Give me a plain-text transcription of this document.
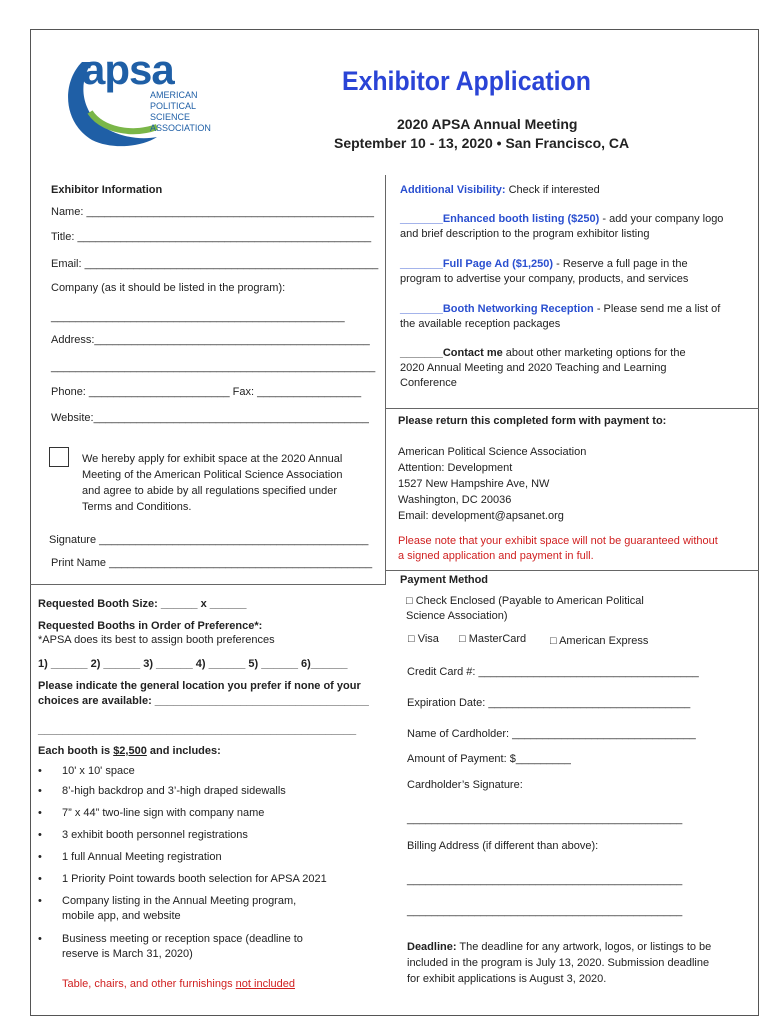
apsa
AMERICAN
POLITICAL
SCIENCE
ASSOCIATION
Exhibitor Application
2020 APSA Annual Meeting
September 10 - 13, 2020 • San Francisco, CA
Exhibitor Information
Name: _______________________________________________
Title: ________________________________________________
Email: ________________________________________________
Company (as it should be listed in the program):
________________________________________________
Address:_____________________________________________
_____________________________________________________
Phone: _______________________ Fax: _________________
Website:_____________________________________________
We hereby apply for exhibit space at the 2020 Annual Meeting of the American Political Science Association and agree to abide by all regulations specified under Terms and Conditions.
Signature ____________________________________________
Print Name ___________________________________________
Requested Booth Size: ______ x ______
Requested Booths in Order of Preference*:
*APSA does its best to assign booth preferences
1) ______ 2) ______ 3) ______ 4) ______ 5) ______ 6)______
Please indicate the general location you prefer if none of your choices are available: ___________________________________
____________________________________________________
Each booth is $2,500 and includes:
• 10' x 10' space
• 8’-high backdrop and 3’-high draped sidewalls
• 7” x 44” two-line sign with company name
• 3 exhibit booth personnel registrations
• 1 full Annual Meeting registration
• 1 Priority Point towards booth selection for APSA 2021
• Company listing in the Annual Meeting program, mobile app, and website
• Business meeting or reception space (deadline to reserve is March 31, 2020)
Table, chairs, and other furnishings not included
Additional Visibility: Check if interested
_______Enhanced booth listing ($250) - add your company logo and brief description to the program exhibitor listing
_______Full Page Ad ($1,250) - Reserve a full page in the program to advertise your company, products, and services
_______Booth Networking Reception - Please send me a list of the available reception packages
_______Contact me about other marketing options for the 2020 Annual Meeting and 2020 Teaching and Learning Conference
Please return this completed form with payment to:
American Political Science Association
Attention: Development
1527 New Hampshire Ave, NW
Washington, DC 20036
Email: development@apsanet.org
Please note that your exhibit space will not be guaranteed without a signed application and payment in full.
Payment Method
□ Check Enclosed (Payable to American Political Science Association)
□ Visa □ MasterCard □ American Express
Credit Card #: ____________________________________
Expiration Date: _________________________________
Name of Cardholder: ______________________________
Amount of Payment: $_________
Cardholder’s Signature:
_____________________________________________
Billing Address (if different than above):
_____________________________________________
_____________________________________________
Deadline: The deadline for any artwork, logos, or listings to be included in the program is July 13, 2020. Submission deadline for exhibit applications is August 3, 2020.
